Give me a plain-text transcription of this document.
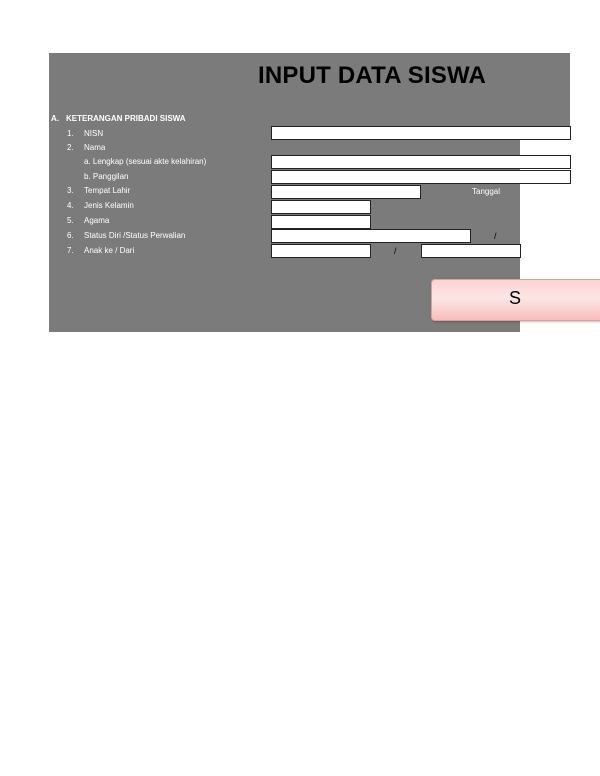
INPUT DATA SISWA
A. KETERANGAN PRIBADI SISWA
1. NISN
2. Nama
a. Lengkap (sesuai akte kelahiran)
b. Panggilan
3. Tempat Lahir	Tanggal
4. Jenis Kelamin
5. Agama
6. Status Diri /Status Perwalian
7. Anak ke / Dari
/
/
S
